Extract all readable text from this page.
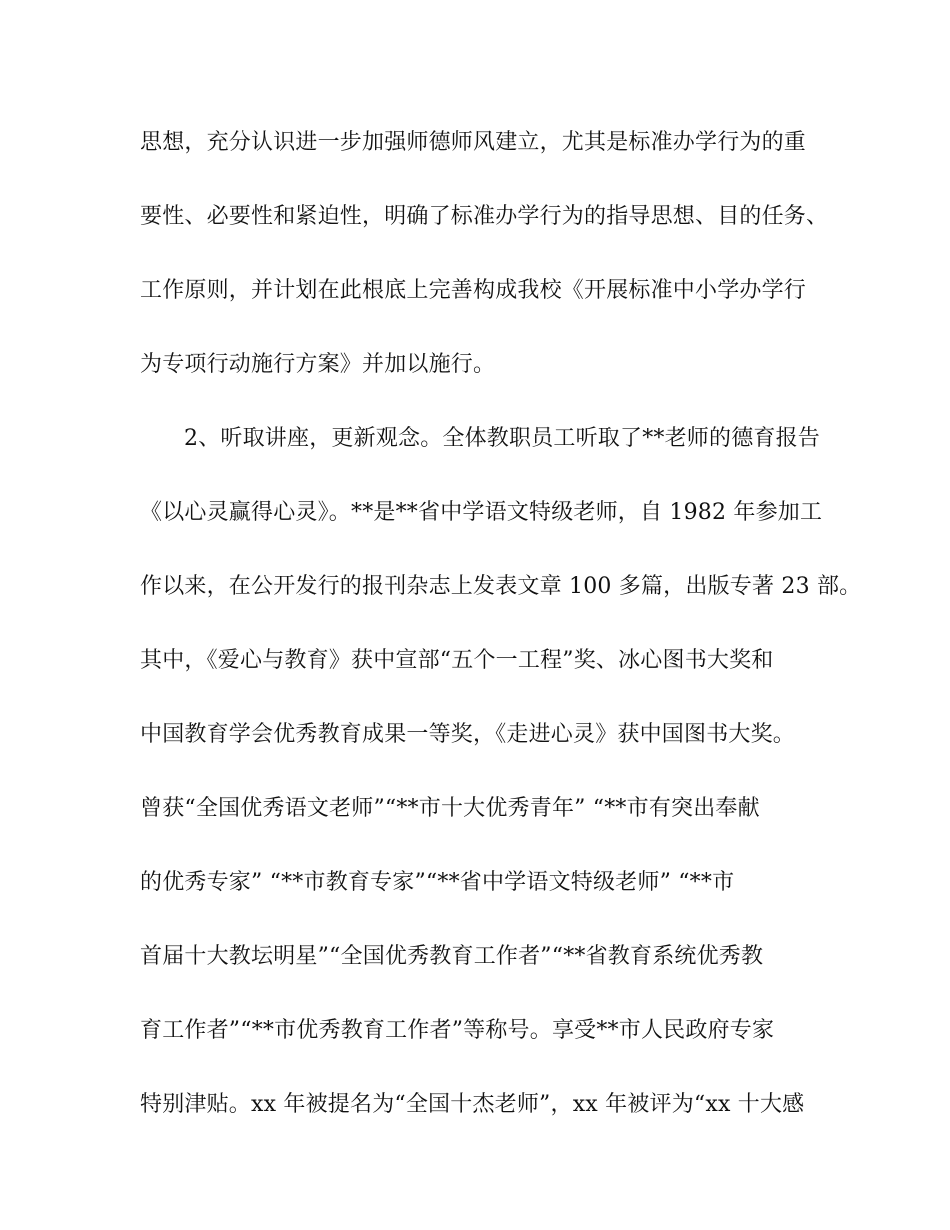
思想，充分认识进一步加强师德师风建立，尤其是标准办学行为的重
要性、必要性和紧迫性，明确了标准办学行为的指导思想、目的任务、
工作原则，并计划在此根底上完善构成我校《开展标准中小学办学行
为专项行动施行方案》并加以施行。
2、听取讲座，更新观念。全体教职员工听取了**老师的德育报告
《以心灵赢得心灵》。**是**省中学语文特级老师，自 1982 年参加工
作以来，在公开发行的报刊杂志上发表文章 100 多篇，出版专著 23 部。
其中，《爱心与教育》获中宣部“五个一工程”奖、冰心图书大奖和
中国教育学会优秀教育成果一等奖，《走进心灵》获中国图书大奖。
曾获“全国优秀语文老师”“**市十大优秀青年” “**市有突出奉献
的优秀专家” “**市教育专家”“**省中学语文特级老师” “**市
首届十大教坛明星”“全国优秀教育工作者”“**省教育系统优秀教
育工作者”“**市优秀教育工作者”等称号。享受**市人民政府专家
特别津贴。xx 年被提名为“全国十杰老师”，xx 年被评为“xx 十大感
